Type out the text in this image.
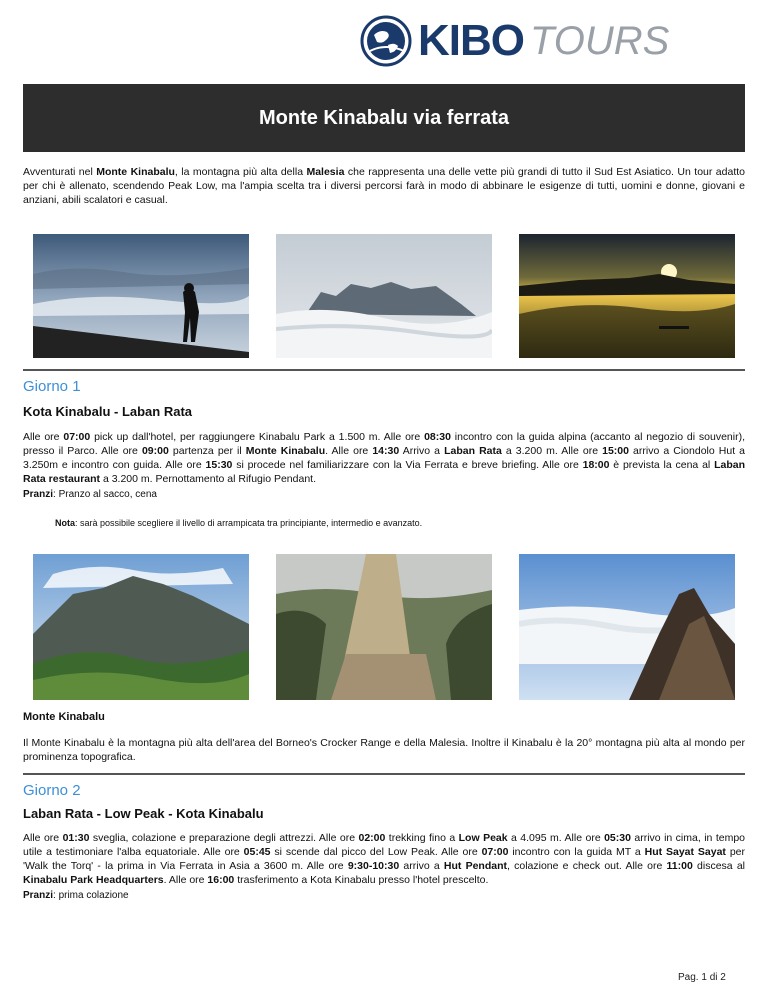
KIBO TOURS
Monte Kinabalu via ferrata

Avventurati nel Monte Kinabalu, la montagna più alta della Malesia che rappresenta una delle vette più grandi di tutto il Sud Est Asiatico. Un tour adatto per chi è allenato, scendendo Peak Low, ma l'ampia scelta tra i diversi percorsi farà in modo di abbinare le esigenze di tutti, uomini e donne, giovani e anziani, abili scalatori e casual.

Giorno 1
Kota Kinabalu - Laban Rata

Alle ore 07:00 pick up dall'hotel, per raggiungere Kinabalu Park a 1.500 m. Alle ore 08:30 incontro con la guida alpina (accanto al negozio di souvenir), presso il Parco. Alle ore 09:00 partenza per il Monte Kinabalu. Alle ore 14:30 Arrivo a Laban Rata a 3.200 m. Alle ore 15:00 arrivo a Ciondolo Hut a 3.250m e incontro con guida. Alle ore 15:30 si procede nel familiarizzare con la Via Ferrata e breve briefing. Alle ore 18:00 è prevista la cena al Laban Rata restaurant a 3.200 m. Pernottamento al Rifugio Pendant.

Pranzi: Pranzo al sacco, cena

Nota: sarà possibile scegliere il livello di arrampicata tra principiante, intermedio e avanzato.

Monte Kinabalu

Il Monte Kinabalu è la montagna più alta dell'area del Borneo's Crocker Range e della Malesia. Inoltre il Kinabalu è la 20° montagna più alta al mondo per prominenza topografica.

Giorno 2
Laban Rata - Low Peak - Kota Kinabalu

Alle ore 01:30 sveglia, colazione e preparazione degli attrezzi. Alle ore 02:00 trekking fino a Low Peak a 4.095 m. Alle ore 05:30 arrivo in cima, in tempo utile a testimoniare l'alba equatoriale. Alle ore 05:45 si scende dal picco del Low Peak. Alle ore 07:00 incontro con la guida MT a Hut Sayat Sayat per 'Walk the Torq' - la prima in Via Ferrata in Asia a 3600 m. Alle ore 9:30-10:30 arrivo a Hut Pendant, colazione e check out. Alle ore 11:00 discesa al Kinabalu Park Headquarters. Alle ore 16:00 trasferimento a Kota Kinabalu presso l'hotel prescelto.

Pranzi: prima colazione

Pag. 1 di 2
